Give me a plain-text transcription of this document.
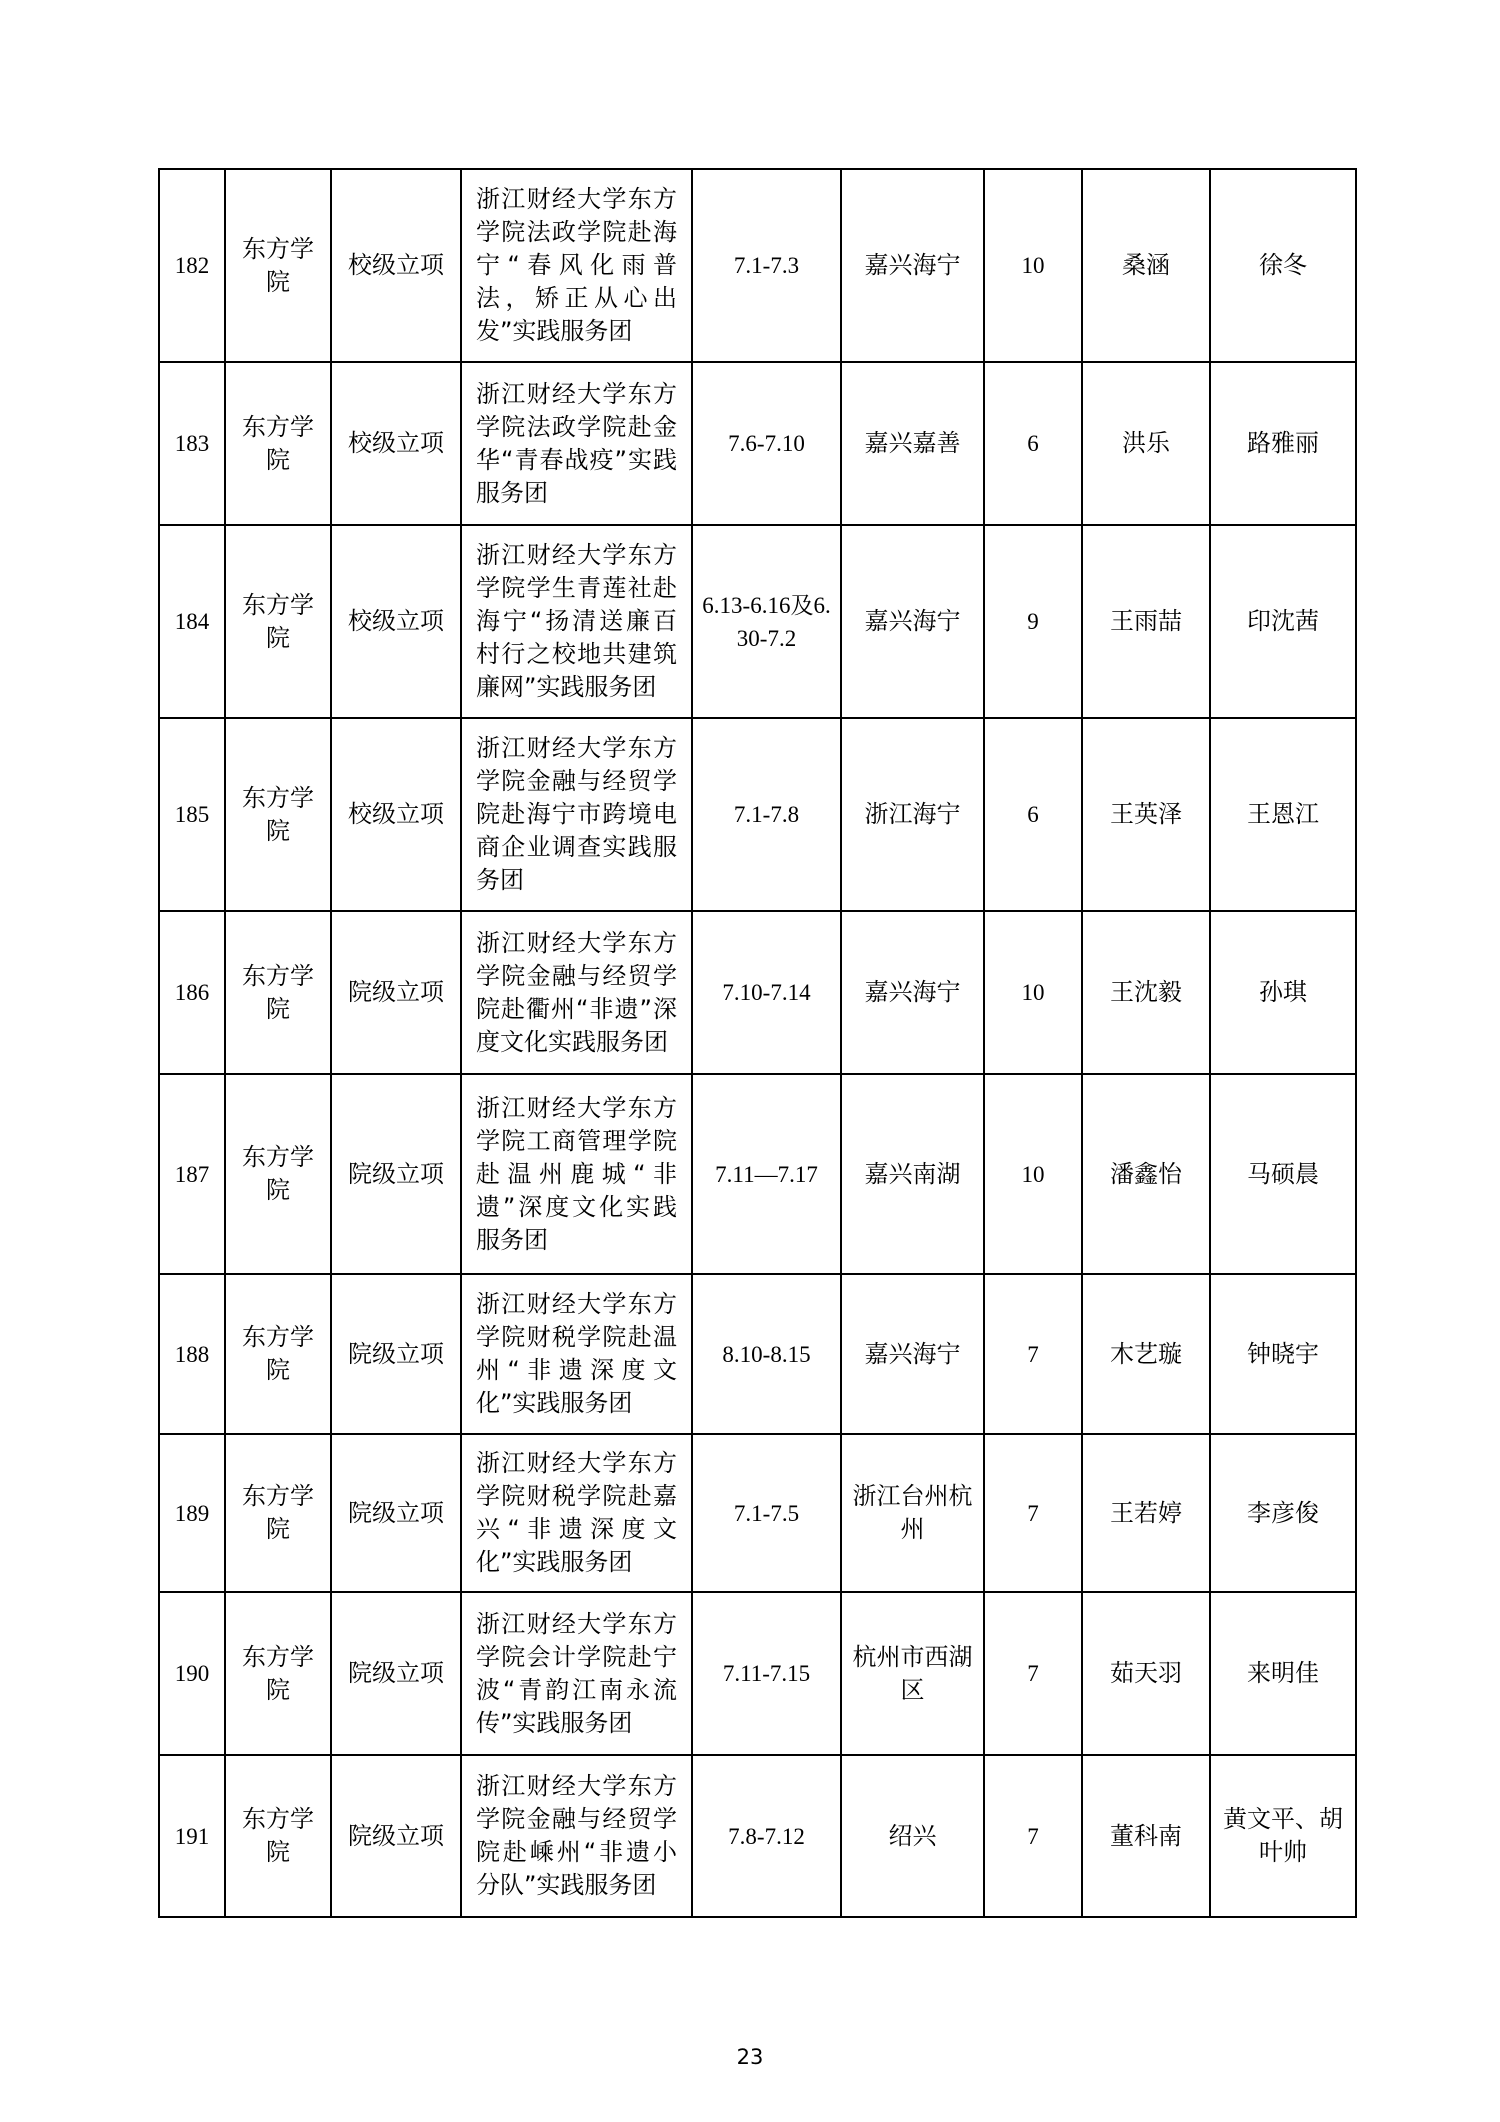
182	东方学院	校级立项	浙江财经大学东方学院法政学院赴海宁“春风化雨普法，矫正从心出发”实践服务团	7.1-7.3	嘉兴海宁	10	桑涵	徐冬
183	东方学院	校级立项	浙江财经大学东方学院法政学院赴金华“青春战疫”实践服务团	7.6-7.10	嘉兴嘉善	6	洪乐	路雅丽
184	东方学院	校级立项	浙江财经大学东方学院学生青莲社赴海宁“扬清送廉百村行之校地共建筑廉网”实践服务团	6.13-6.16及6.30-7.2	嘉兴海宁	9	王雨喆	印沈茜
185	东方学院	校级立项	浙江财经大学东方学院金融与经贸学院赴海宁市跨境电商企业调查实践服务团	7.1-7.8	浙江海宁	6	王英泽	王恩江
186	东方学院	院级立项	浙江财经大学东方学院金融与经贸学院赴衢州“非遗”深度文化实践服务团	7.10-7.14	嘉兴海宁	10	王沈毅	孙琪
187	东方学院	院级立项	浙江财经大学东方学院工商管理学院赴温州鹿城“非遗”深度文化实践服务团	7.11—7.17	嘉兴南湖	10	潘鑫怡	马硕晨
188	东方学院	院级立项	浙江财经大学东方学院财税学院赴温州“非遗深度文化”实践服务团	8.10-8.15	嘉兴海宁	7	木艺璇	钟晓宇
189	东方学院	院级立项	浙江财经大学东方学院财税学院赴嘉兴“非遗深度文化”实践服务团	7.1-7.5	浙江台州杭州	7	王若婷	李彦俊
190	东方学院	院级立项	浙江财经大学东方学院会计学院赴宁波“青韵江南永流传”实践服务团	7.11-7.15	杭州市西湖区	7	茹天羽	来明佳
191	东方学院	院级立项	浙江财经大学东方学院金融与经贸学院赴嵊州“非遗小分队”实践服务团	7.8-7.12	绍兴	7	董科南	黄文平、胡叶帅
23
